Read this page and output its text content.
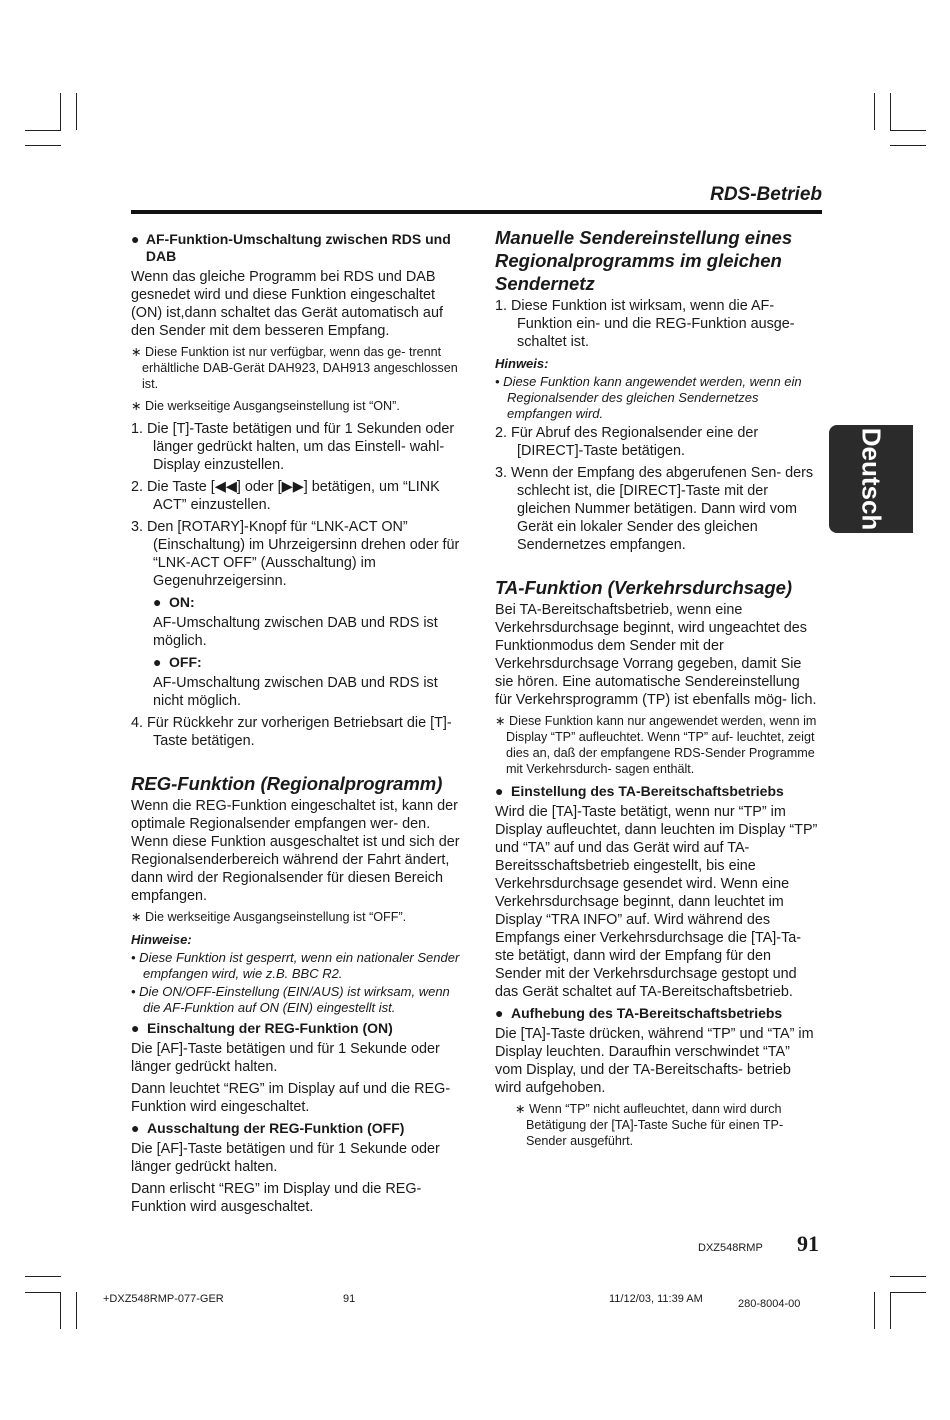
RDS-Betrieb
Deutsch
● AF-Funktion-Umschaltung zwischen RDS und DAB

Wenn das gleiche Programm bei RDS und DAB gesnedet wird und diese Funktion eingeschaltet (ON) ist,dann schaltet das Gerät automatisch auf den Sender mit dem besseren Empfang.

∗ Diese Funktion ist nur verfügbar, wenn das ge- trennt erhältliche DAB-Gerät DAH923, DAH913 angeschlossen ist.
∗ Die werkseitige Ausgangseinstellung ist “ON”.
1. Die [T]-Taste betätigen und für 1 Sekunden oder länger gedrückt halten, um das Einstell- wahl-Display einzustellen.
2. Die Taste [◀◀] oder [▶▶] betätigen, um “LINK ACT” einzustellen.
3. Den [ROTARY]-Knopf für “LNK-ACT ON” (Einschaltung) im Uhrzeigersinn drehen oder für “LNK-ACT OFF” (Ausschaltung) im Gegenuhrzeigersinn.
● ON:

AF-Umschaltung zwischen DAB und RDS ist möglich.

● OFF:

AF-Umschaltung zwischen DAB und RDS ist nicht möglich.

4. Für Rückkehr zur vorherigen Betriebsart die [T]-Taste betätigen.
REG-Funktion (Regionalprogramm)

Wenn die REG-Funktion eingeschaltet ist, kann der optimale Regionalsender empfangen wer- den. Wenn diese Funktion ausgeschaltet ist und sich der Regionalsenderbereich während der Fahrt ändert, dann wird der Regionalsender für diesen Bereich empfangen.

∗ Die werkseitige Ausgangseinstellung ist “OFF”.
Hinweise:
• Diese Funktion ist gesperrt, wenn ein nationaler Sender empfangen wird, wie z.B. BBC R2.
• Die ON/OFF-Einstellung (EIN/AUS) ist wirksam, wenn die AF-Funktion auf ON (EIN) eingestellt ist.
● Einschaltung der REG-Funktion (ON)

Die [AF]-Taste betätigen und für 1 Sekunde oder länger gedrückt halten.

Dann leuchtet “REG” im Display auf und die REG-Funktion wird eingeschaltet.

● Ausschaltung der REG-Funktion (OFF)

Die [AF]-Taste betätigen und für 1 Sekunde oder länger gedrückt halten.

Dann erlischt “REG” im Display und die REG- Funktion wird ausgeschaltet.

Manuelle Sendereinstellung eines Regionalprogramms im gleichen Sendernetz
1. Diese Funktion ist wirksam, wenn die AF- Funktion ein- und die REG-Funktion ausge- schaltet ist.
Hinweis:
• Diese Funktion kann angewendet werden, wenn ein Regionalsender des gleichen Sendernetzes empfangen wird.
2. Für Abruf des Regionalsender eine der [DIRECT]-Taste betätigen.
3. Wenn der Empfang des abgerufenen Sen- ders schlecht ist, die [DIRECT]-Taste mit der gleichen Nummer betätigen. Dann wird vom Gerät ein lokaler Sender des gleichen Sendernetzes empfangen.
TA-Funktion (Verkehrsdurchsage)

Bei TA-Bereitschaftsbetrieb, wenn eine Verkehrsdurchsage beginnt, wird ungeachtet des Funktionmodus dem Sender mit der Verkehrsdurchsage Vorrang gegeben, damit Sie sie hören. Eine automatische Sendereinstellung für Verkehrsprogramm (TP) ist ebenfalls mög- lich.

∗ Diese Funktion kann nur angewendet werden, wenn im Display “TP” aufleuchtet. Wenn “TP” auf- leuchtet, zeigt dies an, daß der empfangene RDS-Sender Programme mit Verkehrsdurch- sagen enthält.
● Einstellung des TA-Bereitschaftsbetriebs

Wird die [TA]-Taste betätigt, wenn nur “TP” im Display aufleuchtet, dann leuchten im Display “TP” und “TA” auf und das Gerät wird auf TA- Bereitsschaftsbetrieb eingestellt, bis eine Verkehrsdurchsage gesendet wird. Wenn eine Verkehrsdurchsage beginnt, dann leuchtet im Display “TRA INFO” auf. Wird während des Empfangs einer Verkehrsdurchsage die [TA]-Ta- ste betätigt, dann wird der Empfang für den Sender mit der Verkehrsdurchsage gestopt und das Gerät schaltet auf TA-Bereitschaftsbetrieb.

● Aufhebung des TA-Bereitschaftsbetriebs

Die [TA]-Taste drücken, während “TP” und “TA” im Display leuchten. Daraufhin verschwindet “TA” vom Display, und der TA-Bereitschafts- betrieb wird aufgehoben.

∗ Wenn “TP” nicht aufleuchtet, dann wird durch Betätigung der [TA]-Taste Suche für einen TP- Sender ausgeführt.
DXZ548RMP 91
+DXZ548RMP-077-GER	91	11/12/03, 11:39 AM	280-8004-00
